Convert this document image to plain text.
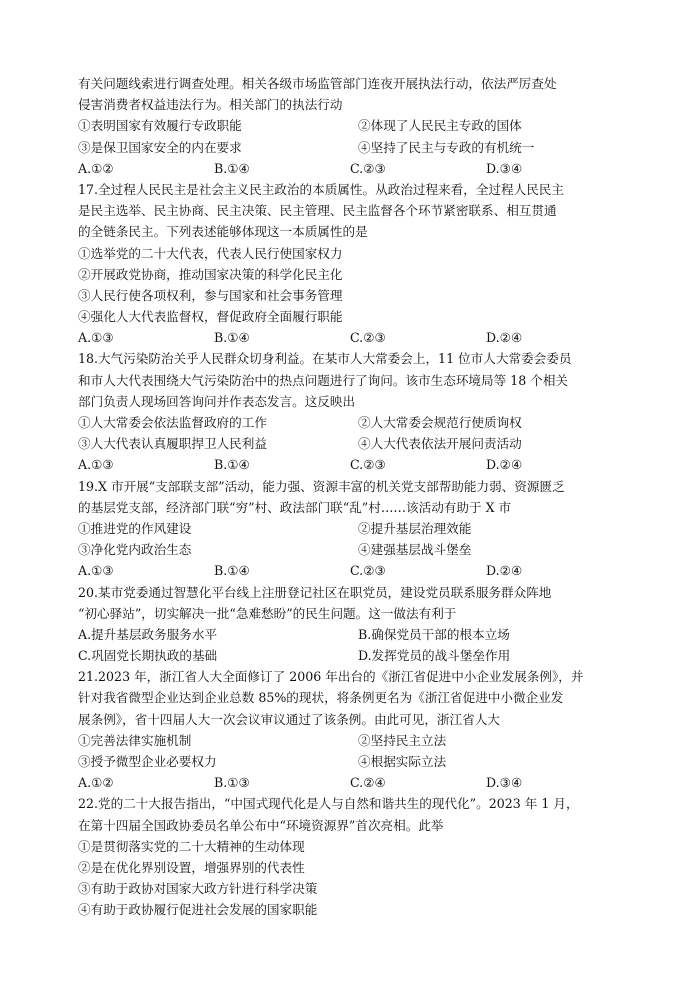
有关问题线索进行调查处理。相关各级市场监管部门连夜开展执法行动，依法严厉查处
侵害消费者权益违法行为。相关部门的执法行动
①表明国家有效履行专政职能	②体现了人民民主专政的国体
③是保卫国家安全的内在要求	④坚持了民主与专政的有机统一
A.①②	B.①④	C.②③	D.③④
17.全过程人民民主是社会主义民主政治的本质属性。从政治过程来看，全过程人民民主
是民主选举、民主协商、民主决策、民主管理、民主监督各个环节紧密联系、相互贯通
的全链条民主。下列表述能够体现这一本质属性的是
①选举党的二十大代表，代表人民行使国家权力
②开展政党协商，推动国家决策的科学化民主化
③人民行使各项权利，参与国家和社会事务管理
④强化人大代表监督权，督促政府全面履行职能
A.①③	B.①④	C.②③	D.②④
18.大气污染防治关乎人民群众切身利益。在某市人大常委会上，11 位市人大常委会委员
和市人大代表围绕大气污染防治中的热点问题进行了询问。该市生态环境局等 18 个相关
部门负责人现场回答询问并作表态发言。这反映出
①人大常委会依法监督政府的工作	②人大常委会规范行使质询权
③人大代表认真履职捍卫人民利益	④人大代表依法开展问责活动
A.①③	B.①④	C.②③	D.②④
19.X 市开展“支部联支部”活动，能力强、资源丰富的机关党支部帮助能力弱、资源匮乏
的基层党支部，经济部门联“穷”村、政法部门联“乱”村……该活动有助于 X 市
①推进党的作风建设	②提升基层治理效能
③净化党内政治生态	④建强基层战斗堡垒
A.①③	B.①④	C.②③	D.②④
20.某市党委通过智慧化平台线上注册登记社区在职党员，建设党员联系服务群众阵地
“初心驿站”，切实解决一批“急难愁盼”的民生问题。这一做法有利于
A.提升基层政务服务水平	B.确保党员干部的根本立场
C.巩固党长期执政的基础	D.发挥党员的战斗堡垒作用
21.2023 年，浙江省人大全面修订了 2006 年出台的《浙江省促进中小企业发展条例》，并
针对我省微型企业达到企业总数 85%的现状，将条例更名为《浙江省促进中小微企业发
展条例》，省十四届人大一次会议审议通过了该条例。由此可见，浙江省人大
①完善法律实施机制	②坚持民主立法
③授予微型企业必要权力	④根据实际立法
A.①②	B.①③	C.②④	D.③④
22.党的二十大报告指出，“中国式现代化是人与自然和谐共生的现代化”。2023 年 1 月，
在第十四届全国政协委员名单公布中“环境资源界”首次亮相。此举
①是贯彻落实党的二十大精神的生动体现
②是在优化界别设置，增强界别的代表性
③有助于政协对国家大政方针进行科学决策
④有助于政协履行促进社会发展的国家职能
